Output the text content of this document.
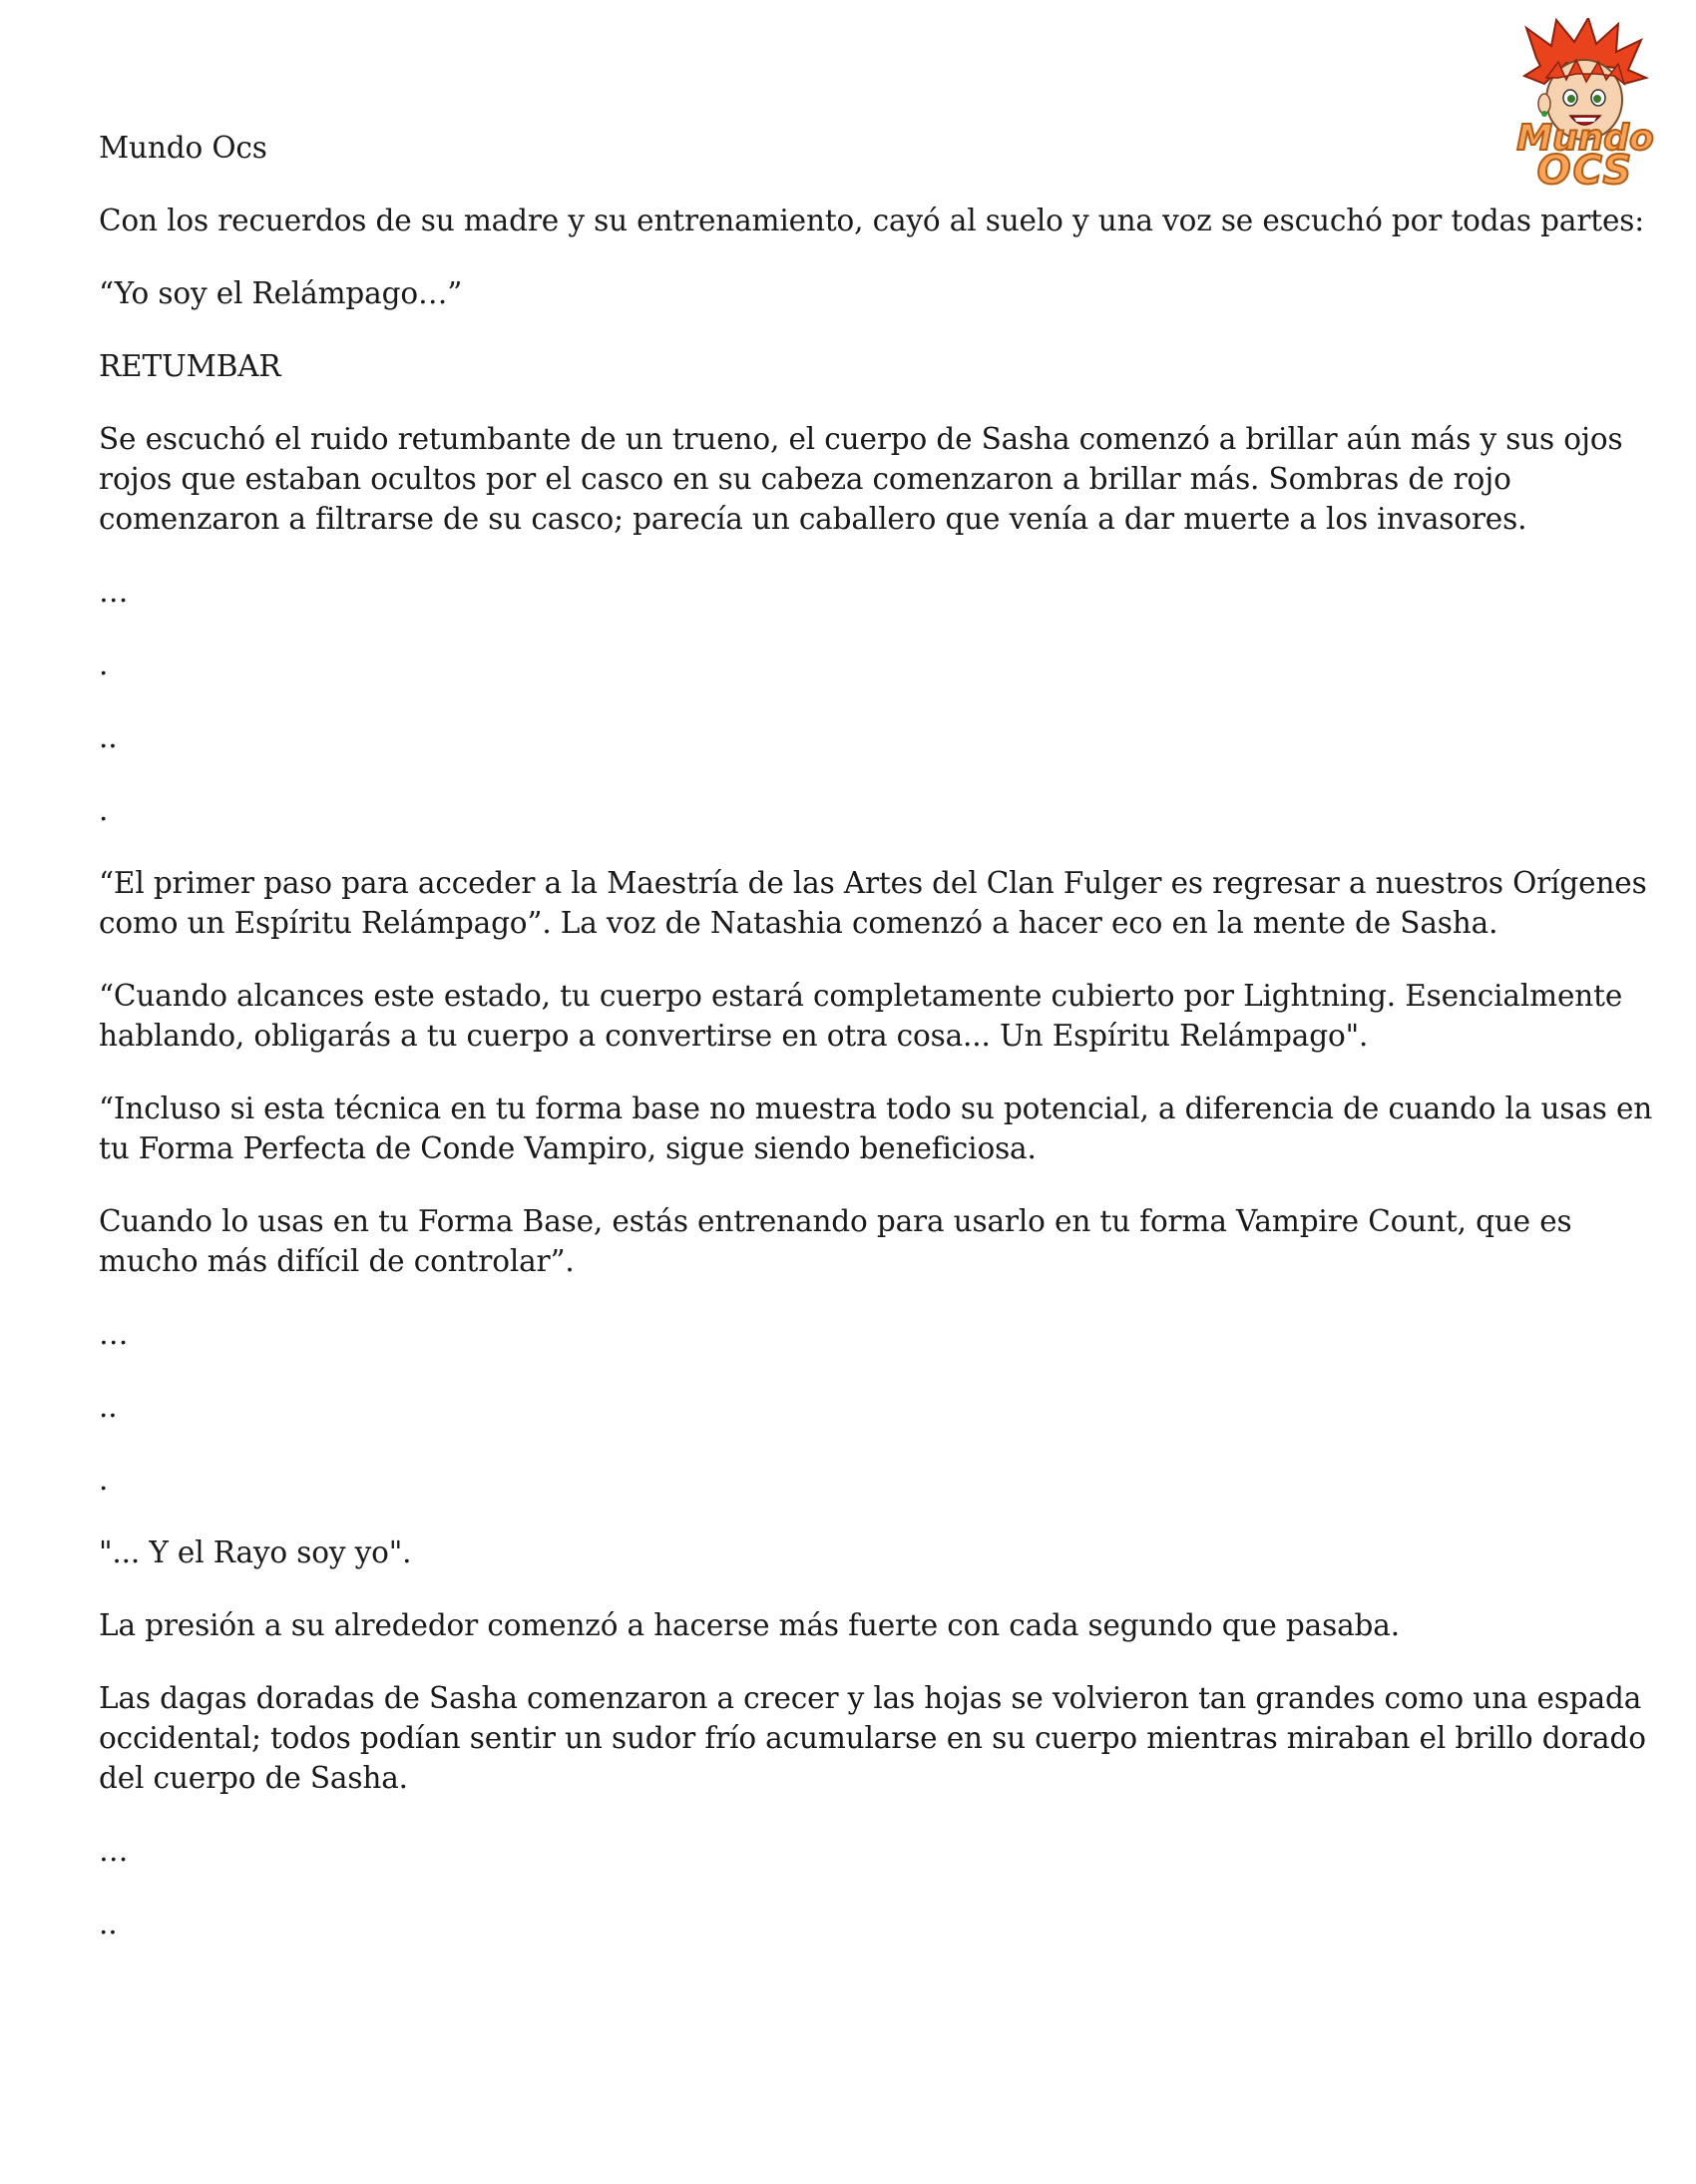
Mundo
OCS

Mundo Ocs

Con los recuerdos de su madre y su entrenamiento, cayó al suelo y una voz se escuchó por todas partes:

“Yo soy el Relámpago…”

RETUMBAR

Se escuchó el ruido retumbante de un trueno, el cuerpo de Sasha comenzó a brillar aún más y sus ojos rojos que estaban ocultos por el casco en su cabeza comenzaron a brillar más. Sombras de rojo comenzaron a filtrarse de su casco; parecía un caballero que venía a dar muerte a los invasores.

…

.

..

.

“El primer paso para acceder a la Maestría de las Artes del Clan Fulger es regresar a nuestros Orígenes como un Espíritu Relámpago”. La voz de Natashia comenzó a hacer eco en la mente de Sasha.

“Cuando alcances este estado, tu cuerpo estará completamente cubierto por Lightning. Esencialmente hablando, obligarás a tu cuerpo a convertirse en otra cosa... Un Espíritu Relámpago".

“Incluso si esta técnica en tu forma base no muestra todo su potencial, a diferencia de cuando la usas en tu Forma Perfecta de Conde Vampiro, sigue siendo beneficiosa.

Cuando lo usas en tu Forma Base, estás entrenando para usarlo en tu forma Vampire Count, que es mucho más difícil de controlar”.

…

..

.

"... Y el Rayo soy yo".

La presión a su alrededor comenzó a hacerse más fuerte con cada segundo que pasaba.

Las dagas doradas de Sasha comenzaron a crecer y las hojas se volvieron tan grandes como una espada occidental; todos podían sentir un sudor frío acumularse en su cuerpo mientras miraban el brillo dorado del cuerpo de Sasha.

…

..
